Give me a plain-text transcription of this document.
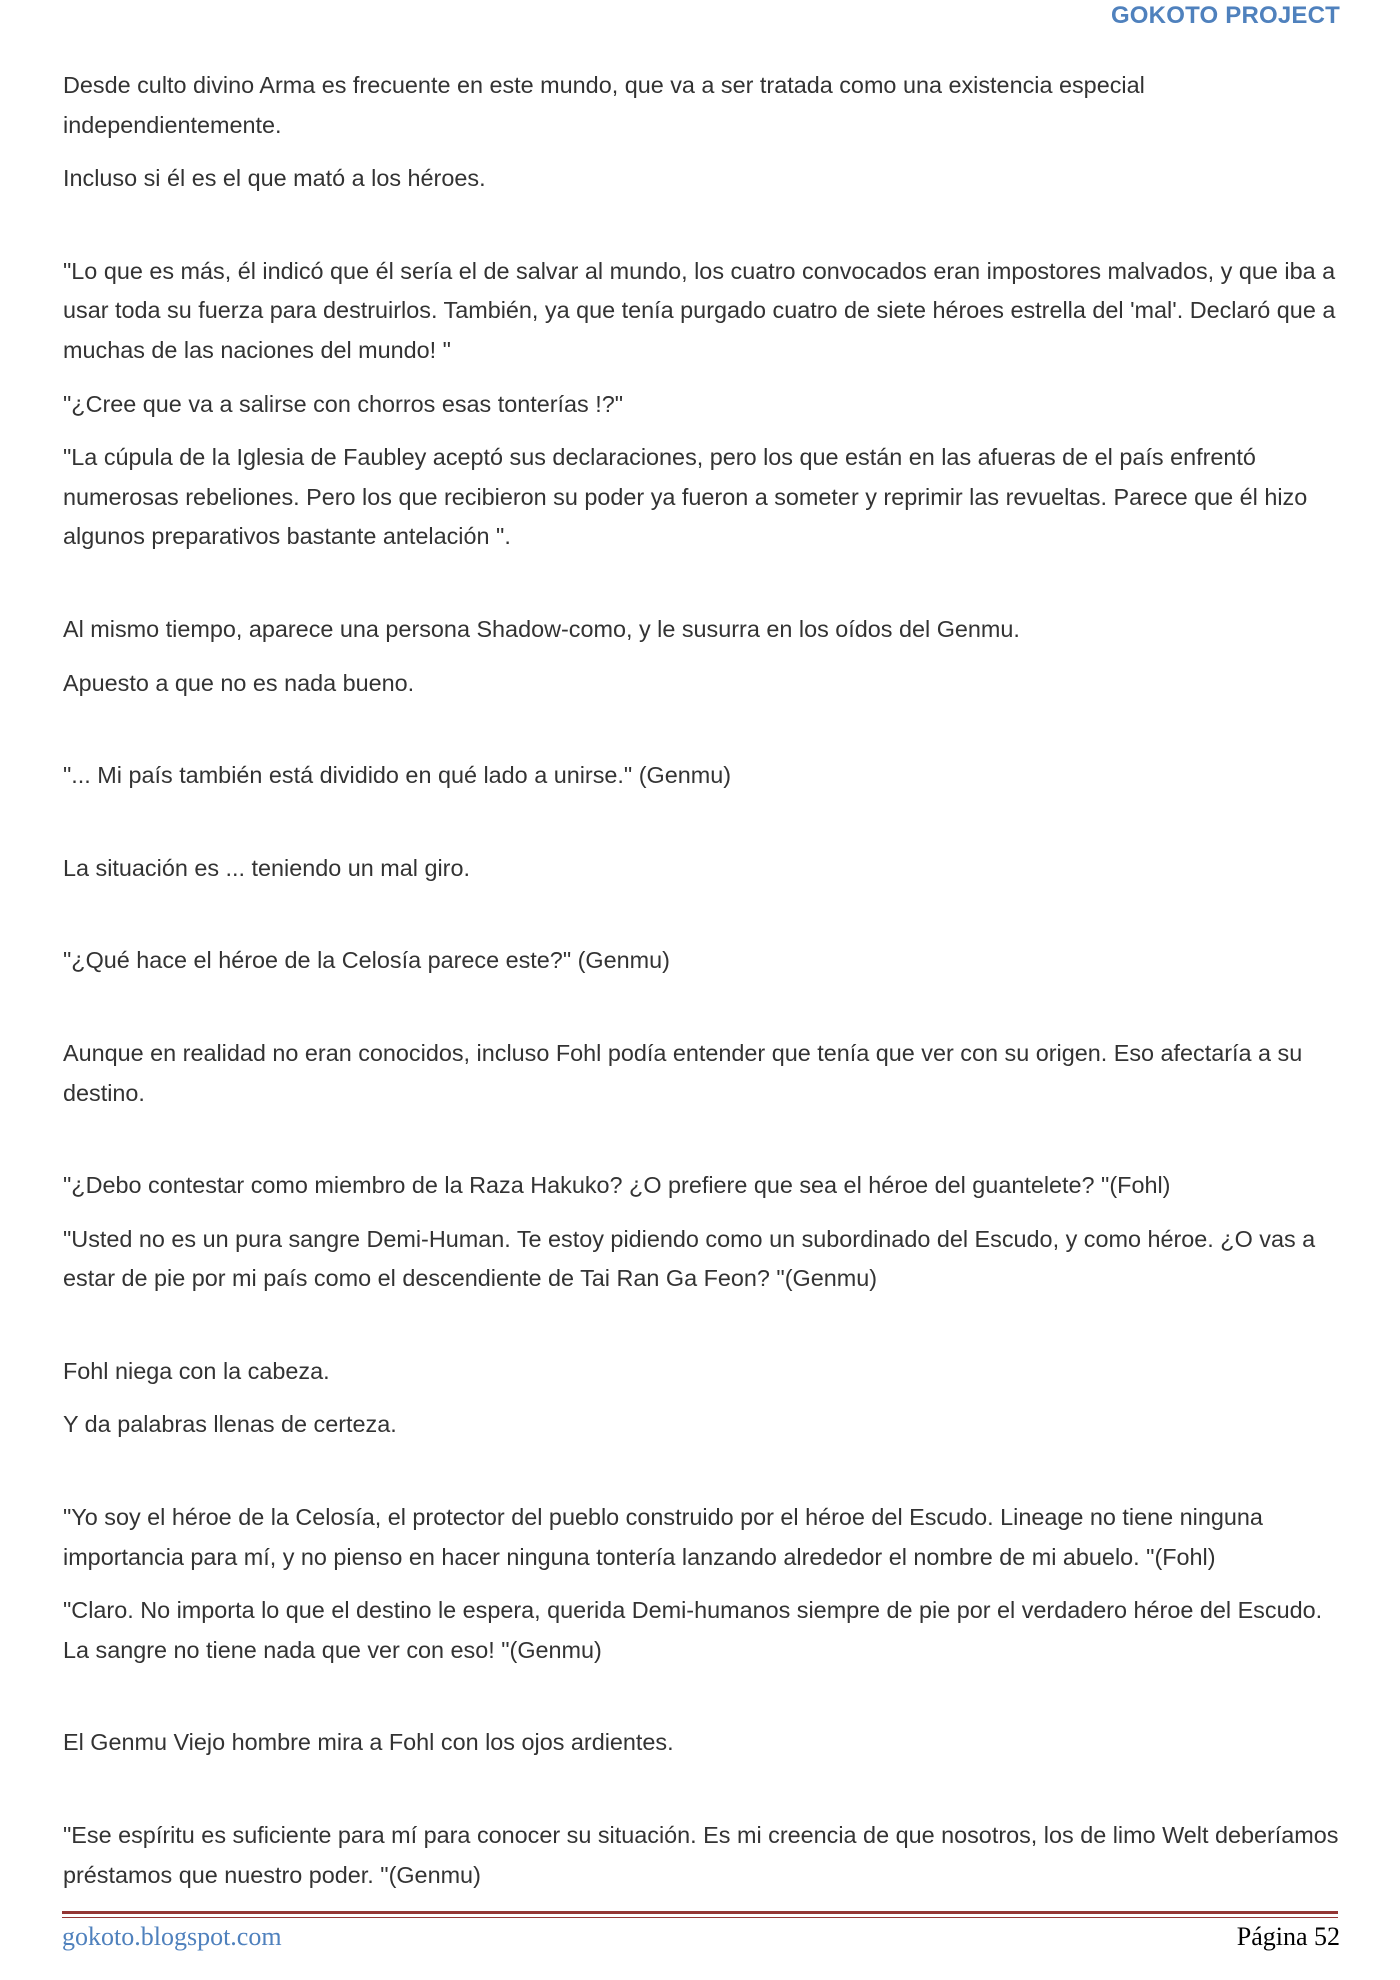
GOKOTO PROJECT

Desde culto divino Arma es frecuente en este mundo, que va a ser tratada como una existencia especial independientemente.

Incluso si él es el que mató a los héroes.

"Lo que es más, él indicó que él sería el de salvar al mundo, los cuatro convocados eran impostores malvados, y que iba a usar toda su fuerza para destruirlos. También, ya que tenía purgado cuatro de siete héroes estrella del 'mal'. Declaró que a muchas de las naciones del mundo! "

"¿Cree que va a salirse con chorros esas tonterías !?"

"La cúpula de la Iglesia de Faubley aceptó sus declaraciones, pero los que están en las afueras de el país enfrentó numerosas rebeliones. Pero los que recibieron su poder ya fueron a someter y reprimir las revueltas. Parece que él hizo algunos preparativos bastante antelación ".

Al mismo tiempo, aparece una persona Shadow-como, y le susurra en los oídos del Genmu.

Apuesto a que no es nada bueno.

"... Mi país también está dividido en qué lado a unirse." (Genmu)

La situación es ... teniendo un mal giro.

"¿Qué hace el héroe de la Celosía parece este?" (Genmu)

Aunque en realidad no eran conocidos, incluso Fohl podía entender que tenía que ver con su origen. Eso afectaría a su destino.

"¿Debo contestar como miembro de la Raza Hakuko? ¿O prefiere que sea el héroe del guantelete? "(Fohl)

"Usted no es un pura sangre Demi-Human. Te estoy pidiendo como un subordinado del Escudo, y como héroe. ¿O vas a estar de pie por mi país como el descendiente de Tai Ran Ga Feon? "(Genmu)

Fohl niega con la cabeza.

Y da palabras llenas de certeza.

"Yo soy el héroe de la Celosía, el protector del pueblo construido por el héroe del Escudo. Lineage no tiene ninguna importancia para mí, y no pienso en hacer ninguna tontería lanzando alrededor el nombre de mi abuelo. "(Fohl)

"Claro. No importa lo que el destino le espera, querida Demi-humanos siempre de pie por el verdadero héroe del Escudo. La sangre no tiene nada que ver con eso! "(Genmu)

El Genmu Viejo hombre mira a Fohl con los ojos ardientes.

"Ese espíritu es suficiente para mí para conocer su situación. Es mi creencia de que nosotros, los de limo Welt deberíamos préstamos que nuestro poder. "(Genmu)

gokoto.blogspot.com	Página 52
